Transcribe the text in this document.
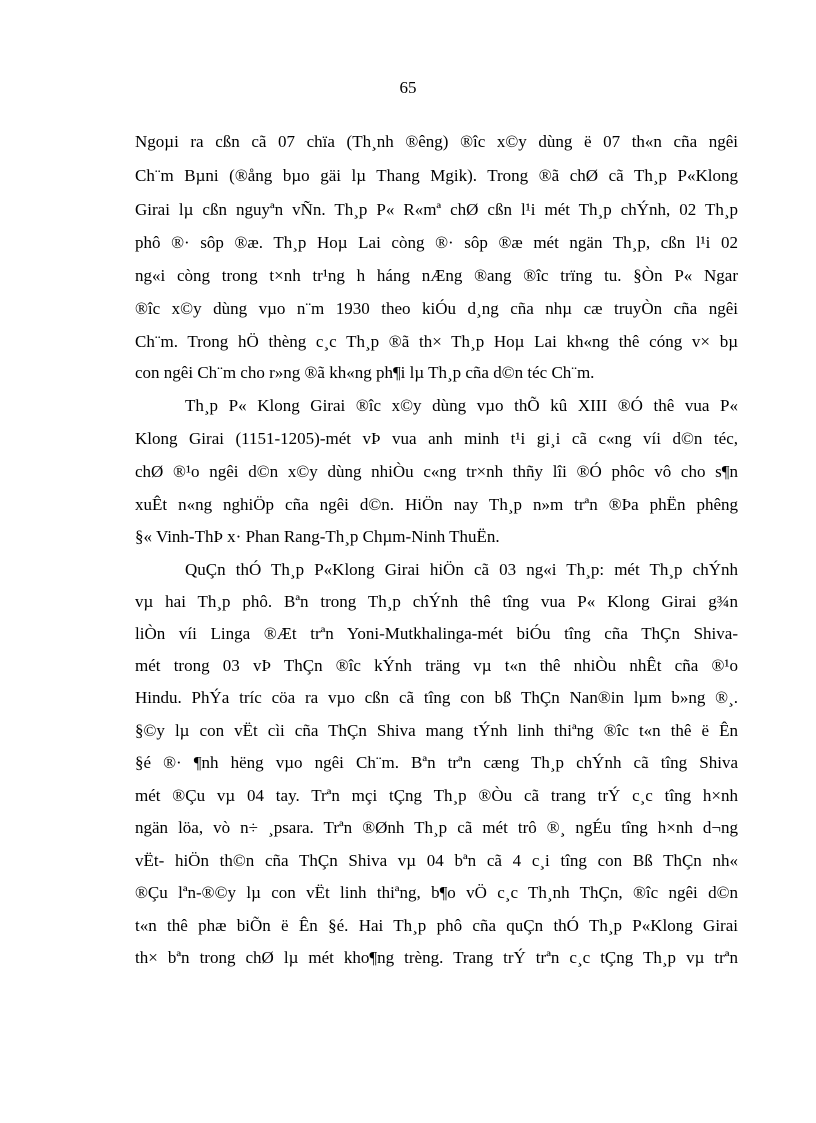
65
Ngoµi ra cßn cã 07 chïa (Th¸nh ®êng) ®îc x©y dùng ë 07 th«n cña ngêi
Ch¨m Bµni (®ång bµo gäi lµ Thang Mgik). Trong ®ã chØ cã Th¸p P«Klong
Girai lµ cßn nguyªn vÑn. Th¸p P« R«mª chØ cßn l¹i mét Th¸p chÝnh, 02 Th¸p
phô ®· sôp ®æ. Th¸p Hoµ Lai còng ®· sôp ®æ mét ngän Th¸p, cßn l¹i 02
ng«i còng trong t×nh tr¹ng h háng nÆng ®ang ®îc trïng tu. §Òn P« Ngar
®îc x©y dùng vµo n¨m 1930 theo kiÓu d¸ng cña nhµ cæ truyÒn cña ngêi
Ch¨m. Trong hÖ thèng c¸c Th¸p ®ã th× Th¸p Hoµ Lai kh«ng thê cóng v× bµ
con ngêi Ch¨m cho r»ng ®ã kh«ng ph¶i lµ Th¸p cña d©n téc Ch¨m.
Th¸p P« Klong Girai ®îc x©y dùng vµo thÕ kû XIII ®Ó thê vua P«
Klong Girai (1151-1205)-mét vÞ vua anh minh t¹i gi¸i cã c«ng víi d©n téc,
chØ ®¹o ngêi d©n x©y dùng nhiÒu c«ng tr×nh thñy lîi ®Ó phôc vô cho s¶n
xuÊt n«ng nghiÖp cña ngêi d©n. HiÖn nay Th¸p n»m trªn ®Þa phËn phêng
§« Vinh-ThÞ x· Phan Rang-Th¸p Chµm-Ninh ThuËn.
QuÇn thÓ Th¸p P«Klong Girai hiÖn cã 03 ng«i Th¸p: mét Th¸p chÝnh
vµ hai Th¸p phô. Bªn trong Th¸p chÝnh thê tîng vua P« Klong Girai g¾n
liÒn víi Linga ®Æt trªn Yoni-Mutkhalinga-mét biÓu tîng cña ThÇn Shiva-
mét trong 03 vÞ ThÇn ®îc kÝnh träng vµ t«n thê nhiÒu nhÊt cña ®¹o
Hindu. PhÝa tríc cöa ra vµo cßn cã tîng con bß ThÇn Nan®in lµm b»ng ®¸.
§©y lµ con vËt cìi cña ThÇn Shiva mang tÝnh linh thiªng ®îc t«n thê ë Ên
§é ®· ¶nh hëng vµo ngêi Ch¨m. Bªn trªn cæng Th¸p chÝnh cã tîng Shiva
mét ®Çu vµ 04 tay. Trªn mçi tÇng Th¸p ®Òu cã trang trÝ c¸c tîng h×nh
ngän löa, vò n÷ ¸psara. Trªn ®Ønh Th¸p cã mét trô ®¸ ngÉu tîng h×nh d¬ng
vËt- hiÖn th©n cña ThÇn Shiva vµ 04 bªn cã 4 c¸i tîng con Bß ThÇn nh«
®Çu lªn-®©y lµ con vËt linh thiªng, b¶o vÖ c¸c Th¸nh ThÇn, ®îc ngêi d©n
t«n thê phæ biÕn ë Ên §é. Hai Th¸p phô cña quÇn thÓ Th¸p P«Klong Girai
th× bªn trong chØ lµ mét kho¶ng trèng. Trang trÝ trªn c¸c tÇng Th¸p vµ trªn
